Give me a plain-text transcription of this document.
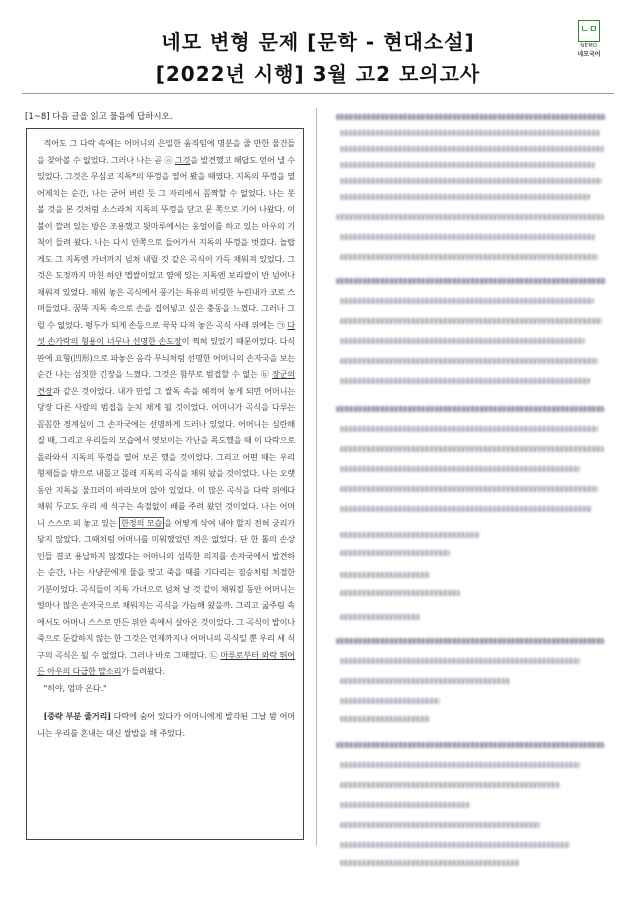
네모 변형 문제 [문학 - 현대소설]
[2022년 시행] 3월 고2 모의고사
ㄴㅁ
NEMO
네모국어
[1~8] 다음 글을 읽고 물음에 답하시오.

적어도 그 다락 속에는 어머니의 은밀한 움직임에 명분을 줄 만한 물건들을 찾아볼 수 없었다. 그러나 나는 곧 ⓐ 그것을 발견했고 해답도 얻어 낼 수 있었다. 그것은 무심코 지독*의 뚜껑을 열어 봤을 때였다. 지독의 뚜껑을 열어제치는 순간, 나는 굳어 버린 듯 그 자리에서 꼼짝할 수 없었다. 나는 못 볼 것을 본 것처럼 소스라쳐 지독의 뚜껑을 닫고 문 쪽으로 기어 나왔다. 이불이 깔려 있는 방은 조용했고 뒷마루에서는 웅얼이를 하고 있는 아우의 기척이 들려 왔다. 나는 다시 안쪽으로 들어가서 지독의 뚜껑을 벗겼다. 놀랍게도 그 지독엔 가녀까지 넘쳐 내릴 것 같은 곡식이 가득 채워져 있었다. 그것은 도정까지 마친 하얀 멥쌀이었고 옆에 있는 지독엔 보리쌀이 반 넘어나 채워져 있었다. 채워 놓은 곡식에서 풍기는 특유의 비릿한 누린내가 코로 스며들었다. 꿈뚝 지독 속으로 손을 집어넣고 싶은 충동을 느꼈다. 그러나 그럴 수 없었다. 평두가 되게 손등으로 꾹꾹 다져 놓은 곡식 사래 위에는 ㉠ 다섯 손가락의 형용이 너무나 선명한 손도장이 찍혀 있었기 때문이었다. 다식판에 요형(凹形)으로 파놓은 음각 무늬처럼 선명한 어머니의 손자국을 보는 순간 나는 섬짓한 긴장을 느꼈다. 그것은 함부로 범접할 수 없는 ⓑ 장군의 견장과 같은 것이었다. 내가 만일 그 쌀독 속을 헤적여 놓게 되면 어머니는 당장 다른 사람의 범접을 눈치 채게 될 것이었다. 어머니가 곡식을 다루는 꼼꼼한 경계심이 그 손자국에는 선명하게 드러나 있었다. 어머니는 심란해질 때, 그리고 우리들의 모습에서 엿보이는 가난을 목도했을 때 이 다락으로 올라와서 지독의 뚜껑을 열어 보곤 했을 것이었다. 그리고 어떤 때는 우리 형제들을 밖으로 내몰고 몰래 지독의 곡식을 채워 놨을 것이었다. 나는 오랫동안 지독을 물끄러미 바라보며 앉아 있었다. 이 많은 곡식을 다락 위에다 채워 두고도 우리 세 식구는 속절없이 배를 주려 왔던 것이었다. 나는 어머니 스스로 피 놓고 있는 한정의 모습 을 어떻게 삭여 내야 할지 전혀 궁리가 닿지 않았다. 그때처럼 어머니를 미워했었던 적은 없었다. 단 한 톨의 손상인들 결코 용납하지 않겠다는 어머니의 섬뜩한 의지를 손자국에서 발견하는 순간, 나는 사냥꾼에게 물을 맞고 죽을 때를 기다리는 짐승처럼 처절한 기분이었다. 곡식들이 지독 가녀으로 넘쳐 날 것 같이 채워질 동안 어머니는 얼마나 많은 손자국으로 채워지는 곡식을 가늠해 왔을까. 그리고 굶주림 속에서도 어머니 스스로 만든 위안 속에서 살아온 것이었다. 그 곡식이 밥이나 죽으로 둔갑하지 않는 한 그것은 언제까지나 어머니의 곡식일 뿐 우리 세 식구의 곡식은 될 수 없었다. 그러나 바로 그때였다. ㉡ 마루로부터 와락 뛰어든 아우의 다급한 말소리가 들려왔다.

"히야, 엄마 온다."

[중략 부분 줄거리] 다락에 숨어 있다가 어머니에게 발각된 그날 밤 어머니는 우리를 혼내는 대신 쌀밥을 해 주었다.
